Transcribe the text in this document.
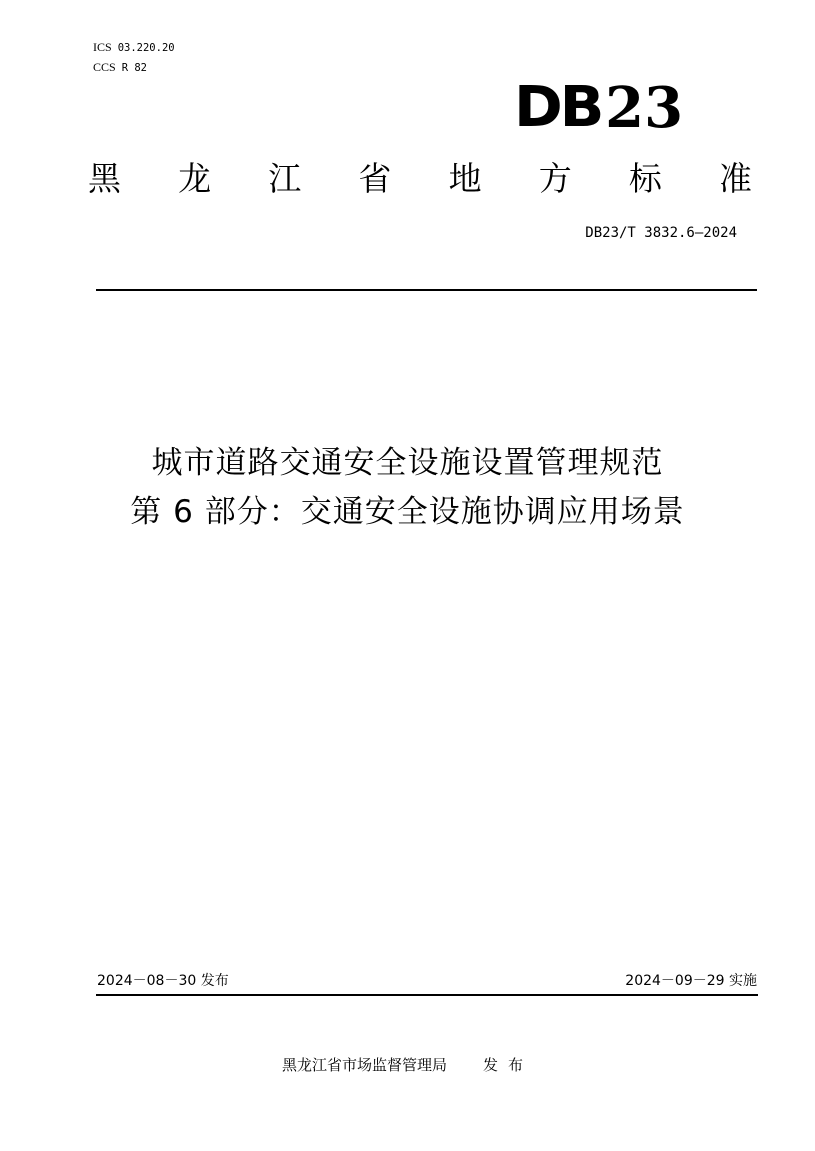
ICS 03.220.20
CCS R 82
DB 23
黑 龙 江 省 地 方 标 准
DB23/T 3832.6—2024
城市道路交通安全设施设置管理规范
第 6 部分：交通安全设施协调应用场景
2024－08－30 发布	2024－09－29 实施
黑龙江省市场监督管理局 发布
